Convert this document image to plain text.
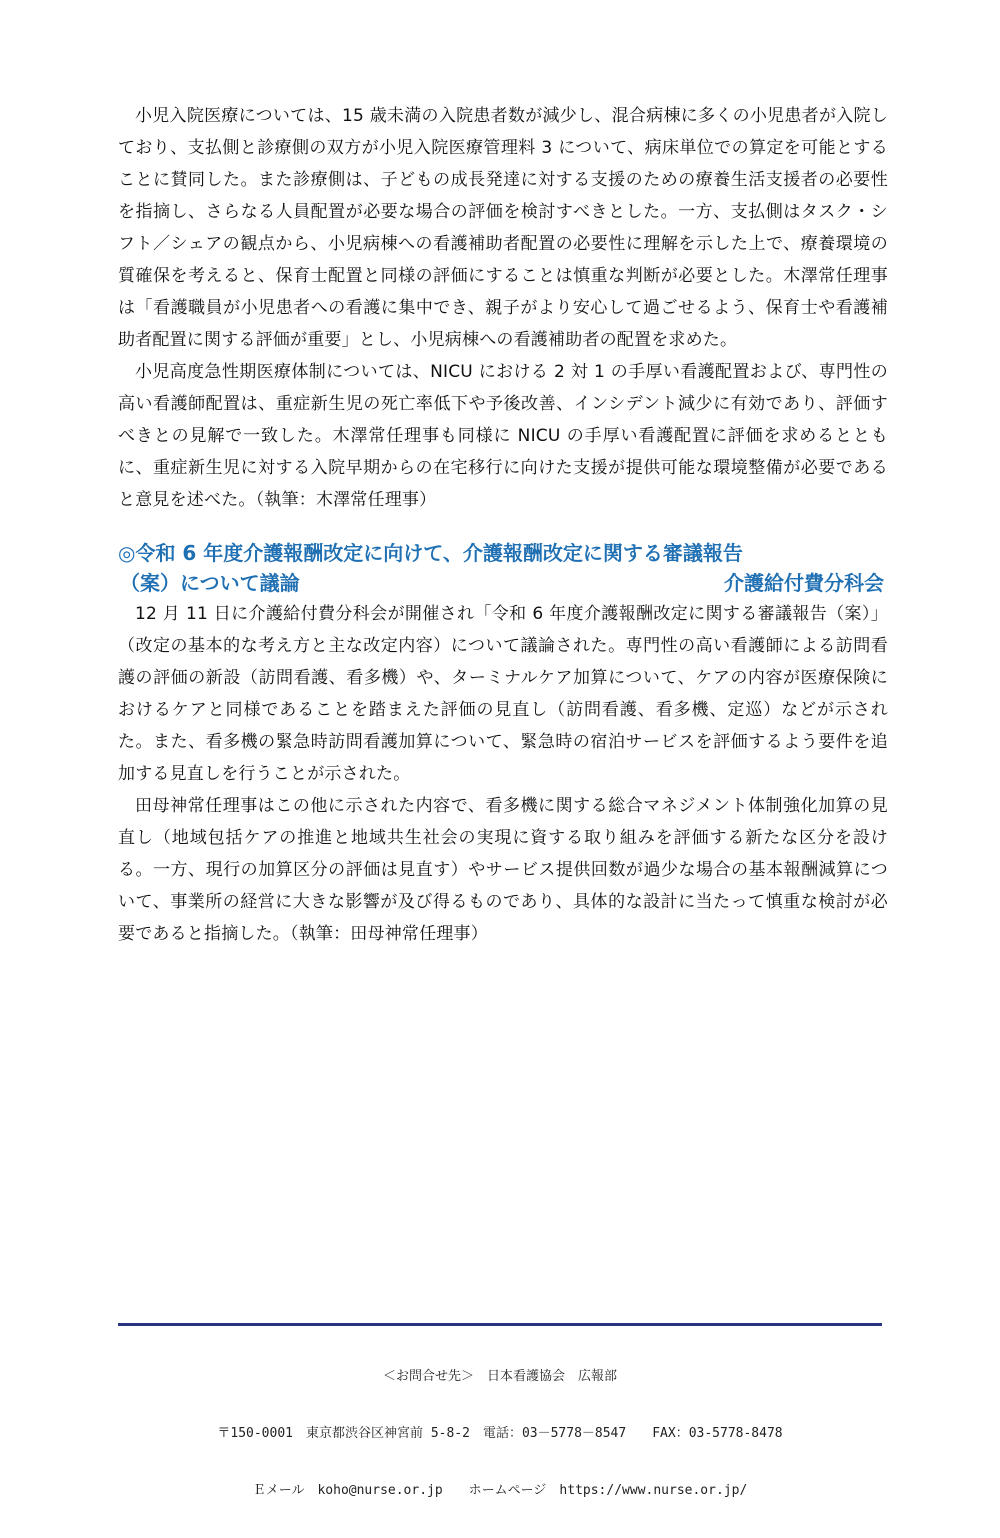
小児入院医療については、15 歳未満の入院患者数が減少し、混合病棟に多くの小児患者が入院しており、支払側と診療側の双方が小児入院医療管理料 3 について、病床単位での算定を可能とすることに賛同した。また診療側は、子どもの成長発達に対する支援のための療養生活支援者の必要性を指摘し、さらなる人員配置が必要な場合の評価を検討すべきとした。一方、支払側はタスク・シフト／シェアの観点から、小児病棟への看護補助者配置の必要性に理解を示した上で、療養環境の質確保を考えると、保育士配置と同様の評価にすることは慎重な判断が必要とした。木澤常任理事は「看護職員が小児患者への看護に集中でき、親子がより安心して過ごせるよう、保育士や看護補助者配置に関する評価が重要」とし、小児病棟への看護補助者の配置を求めた。

小児高度急性期医療体制については、NICU における 2 対 1 の手厚い看護配置および、専門性の高い看護師配置は、重症新生児の死亡率低下や予後改善、インシデント減少に有効であり、評価すべきとの見解で一致した。木澤常任理事も同様に NICU の手厚い看護配置に評価を求めるとともに、重症新生児に対する入院早期からの在宅移行に向けた支援が提供可能な環境整備が必要であると意見を述べた。（執筆：木澤常任理事）

◎令和 6 年度介護報酬改定に向けて、介護報酬改定に関する審議報告
（案）について議論	介護給付費分科会

12 月 11 日に介護給付費分科会が開催され「令和 6 年度介護報酬改定に関する審議報告（案）」（改定の基本的な考え方と主な改定内容）について議論された。専門性の高い看護師による訪問看護の評価の新設（訪問看護、看多機）や、ターミナルケア加算について、ケアの内容が医療保険におけるケアと同様であることを踏まえた評価の見直し（訪問看護、看多機、定巡）などが示された。また、看多機の緊急時訪問看護加算について、緊急時の宿泊サービスを評価するよう要件を追加する見直しを行うことが示された。

田母神常任理事はこの他に示された内容で、看多機に関する総合マネジメント体制強化加算の見直し（地域包括ケアの推進と地域共生社会の実現に資する取り組みを評価する新たな区分を設ける。一方、現行の加算区分の評価は見直す）やサービス提供回数が過少な場合の基本報酬減算について、事業所の経営に大きな影響が及び得るものであり、具体的な設計に当たって慎重な検討が必要であると指摘した。（執筆：田母神常任理事）

＜お問合せ先＞　日本看護協会　広報部

〒150-0001　東京都渋谷区神宮前 5-8-2　電話：03－5778－8547　　FAX：03-5778-8478

Ｅメール　koho@nurse.or.jp　　ホームページ　https://www.nurse.or.jp/
